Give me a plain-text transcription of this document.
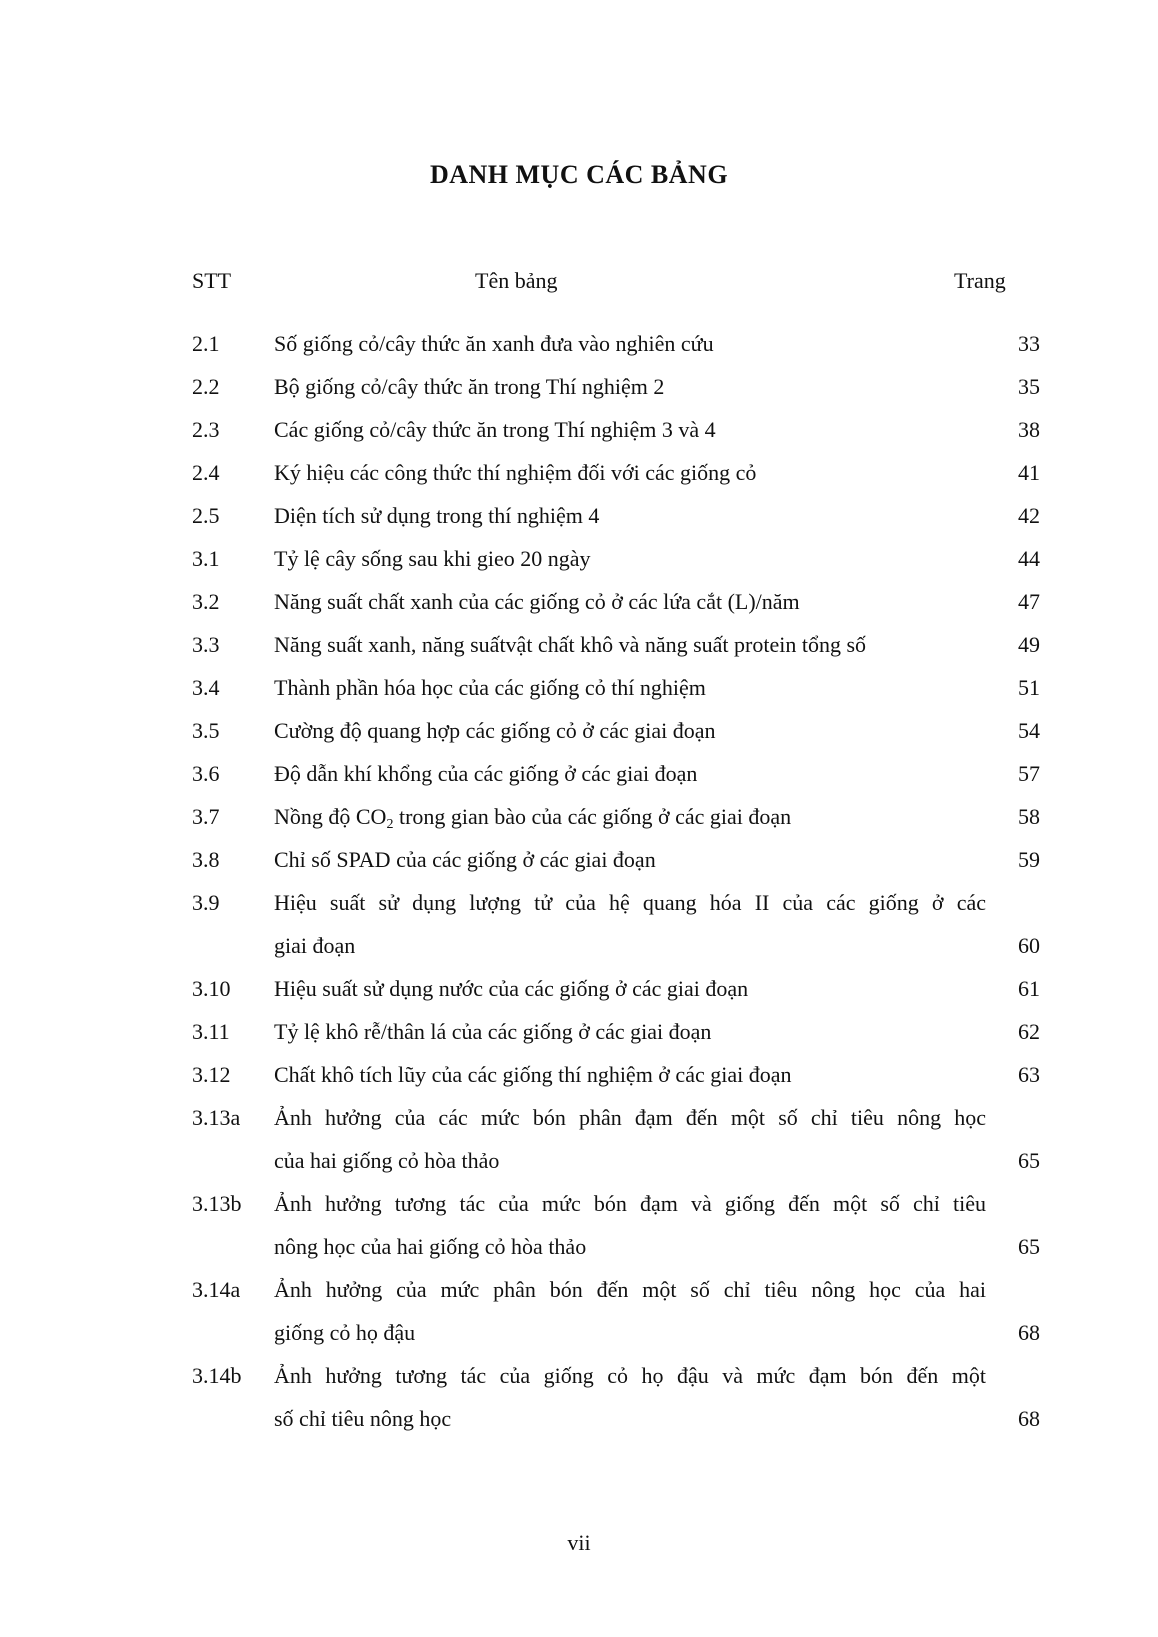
DANH MỤC CÁC BẢNG
STT	Tên bảng	Trang
2.1	Số giống cỏ/cây thức ăn xanh đưa vào nghiên cứu	33
2.2	Bộ giống cỏ/cây thức ăn trong Thí nghiệm 2	35
2.3	Các giống cỏ/cây thức ăn trong Thí nghiệm 3 và 4	38
2.4	Ký hiệu các công thức thí nghiệm đối với các giống cỏ	41
2.5	Diện tích sử dụng trong thí nghiệm 4	42
3.1	Tỷ lệ cây sống sau khi gieo 20 ngày	44
3.2	Năng suất chất xanh của các giống cỏ ở các lứa cắt (L)/năm	47
3.3	Năng suất xanh, năng suấtvật chất khô và năng suất protein tổng số	49
3.4	Thành phần hóa học của các giống cỏ thí nghiệm	51
3.5	Cường độ quang hợp các giống cỏ ở các giai đoạn	54
3.6	Độ dẫn khí khổng của các giống ở các giai đoạn	57
3.7	Nồng độ $CO_2$ trong gian bào của các giống ở các giai đoạn	58
3.8	Chỉ số SPAD của các giống ở các giai đoạn	59
3.9	Hiệu suất sử dụng lượng tử của hệ quang hóa II của các giống ở các
giai đoạn	60
3.10	Hiệu suất sử dụng nước của các giống ở các giai đoạn	61
3.11	Tỷ lệ khô rễ/thân lá của các giống ở các giai đoạn	62
3.12	Chất khô tích lũy của các giống thí nghiệm ở các giai đoạn	63
3.13a	Ảnh hưởng của các mức bón phân đạm đến một số chỉ tiêu nông học
của hai giống cỏ hòa thảo	65
3.13b	Ảnh hưởng tương tác của mức bón đạm và giống đến một số chỉ tiêu
nông học của hai giống cỏ hòa thảo	65
3.14a	Ảnh hưởng của mức phân bón đến một số chỉ tiêu nông học của hai
giống cỏ họ đậu	68
3.14b	Ảnh hưởng tương tác của giống cỏ họ đậu và mức đạm bón đến một
số chỉ tiêu nông học	68
vii
